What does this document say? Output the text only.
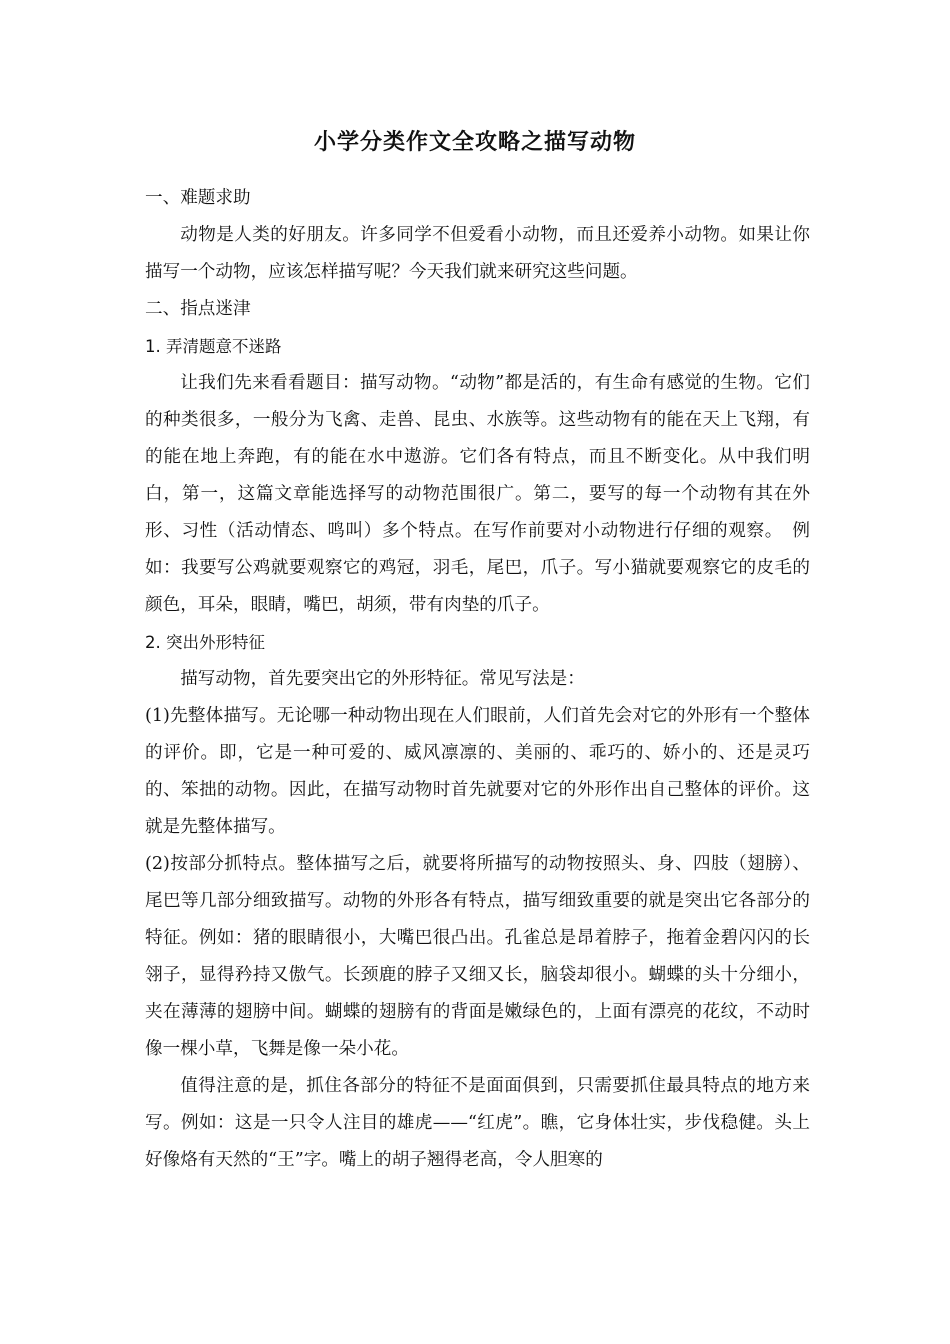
小学分类作文全攻略之描写动物

一、难题求助

动物是人类的好朋友。许多同学不但爱看小动物，而且还爱养小动物。如果让你描写一个动物，应该怎样描写呢？今天我们就来研究这些问题。

二、指点迷津

1. 弄清题意不迷路

让我们先来看看题目：描写动物。“动物”都是活的，有生命有感觉的生物。它们的种类很多，一般分为飞禽、走兽、昆虫、水族等。这些动物有的能在天上飞翔，有的能在地上奔跑，有的能在水中遨游。它们各有特点，而且不断变化。从中我们明白，第一，这篇文章能选择写的动物范围很广。第二，要写的每一个动物有其在外形、习性（活动情态、鸣叫）多个特点。在写作前要对小动物进行仔细的观察。　例如：我要写公鸡就要观察它的鸡冠，羽毛，尾巴，爪子。写小猫就要观察它的皮毛的颜色，耳朵，眼睛，嘴巴，胡须，带有肉垫的爪子。

2. 突出外形特征

描写动物，首先要突出它的外形特征。常见写法是：

(1)先整体描写。无论哪一种动物出现在人们眼前，人们首先会对它的外形有一个整体的评价。即，它是一种可爱的、威风凛凛的、美丽的、乖巧的、娇小的、还是灵巧的、笨拙的动物。因此，在描写动物时首先就要对它的外形作出自己整体的评价。这就是先整体描写。

(2)按部分抓特点。整体描写之后，就要将所描写的动物按照头、身、四肢（翅膀）、尾巴等几部分细致描写。动物的外形各有特点，描写细致重要的就是突出它各部分的特征。例如：猪的眼睛很小，大嘴巴很凸出。孔雀总是昂着脖子，拖着金碧闪闪的长翎子，显得矜持又傲气。长颈鹿的脖子又细又长，脑袋却很小。蝴蝶的头十分细小，夹在薄薄的翅膀中间。蝴蝶的翅膀有的背面是嫩绿色的，上面有漂亮的花纹，不动时像一棵小草，飞舞是像一朵小花。

值得注意的是，抓住各部分的特征不是面面俱到，只需要抓住最具特点的地方来写。例如：这是一只令人注目的雄虎——“红虎”。瞧，它身体壮实，步伐稳健。头上好像烙有天然的“王”字。嘴上的胡子翘得老高，令人胆寒的
